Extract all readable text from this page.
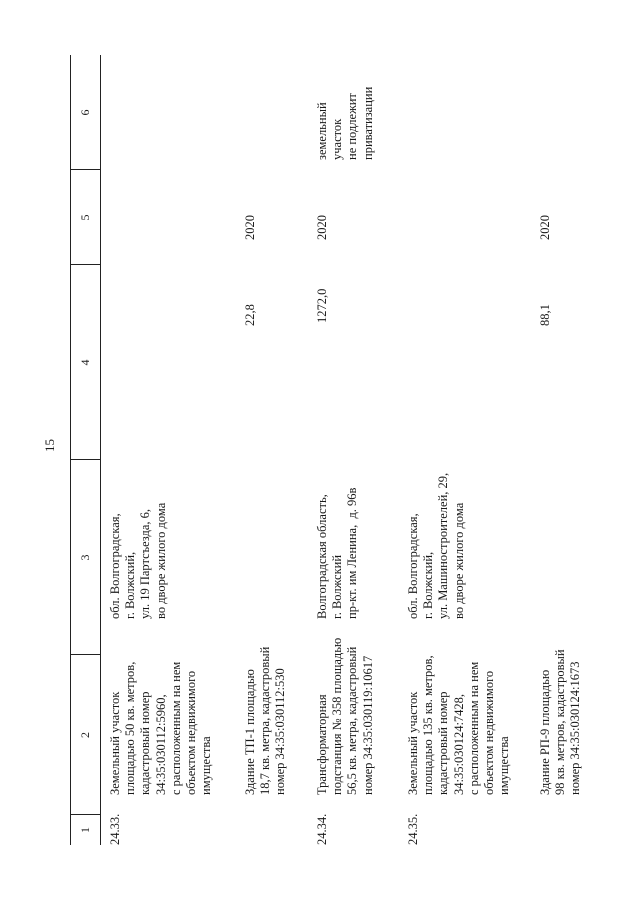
15
1
2
3
4
5
6
24.33.
Земельный участок
площадью 50 кв. метров,
кадастровый номер
34:35:030112:5960,
с расположенным на нем
объектом недвижимого
имущества
обл. Волгоградская,
г. Волжский,
ул. 19 Партсъезда, 6,
во дворе жилого дома
Здание ТП-1 площадью
18,7 кв. метра, кадастровый
номер 34:35:030112:530
22,8
2020
24.34.
Трансформаторная
подстанция № 358 площадью
56,5 кв. метра, кадастровый
номер 34:35:030119:10617
Волгоградская область,
г. Волжский
пр-кт. им Ленина,  д. 96в
1272,0
2020
земельный
участок
не подлежит
приватизации
24.35.
Земельный участок
площадью 135 кв. метров,
кадастровый номер
34:35:030124:7428,
с расположенным на нем
объектом недвижимого
имущества
обл. Волгоградская,
г. Волжский,
ул. Машиностроителей, 29,
во дворе жилого дома
Здание РП-9 площадью
98 кв. метров, кадастровый
номер 34:35:030124:1673
88,1
2020
